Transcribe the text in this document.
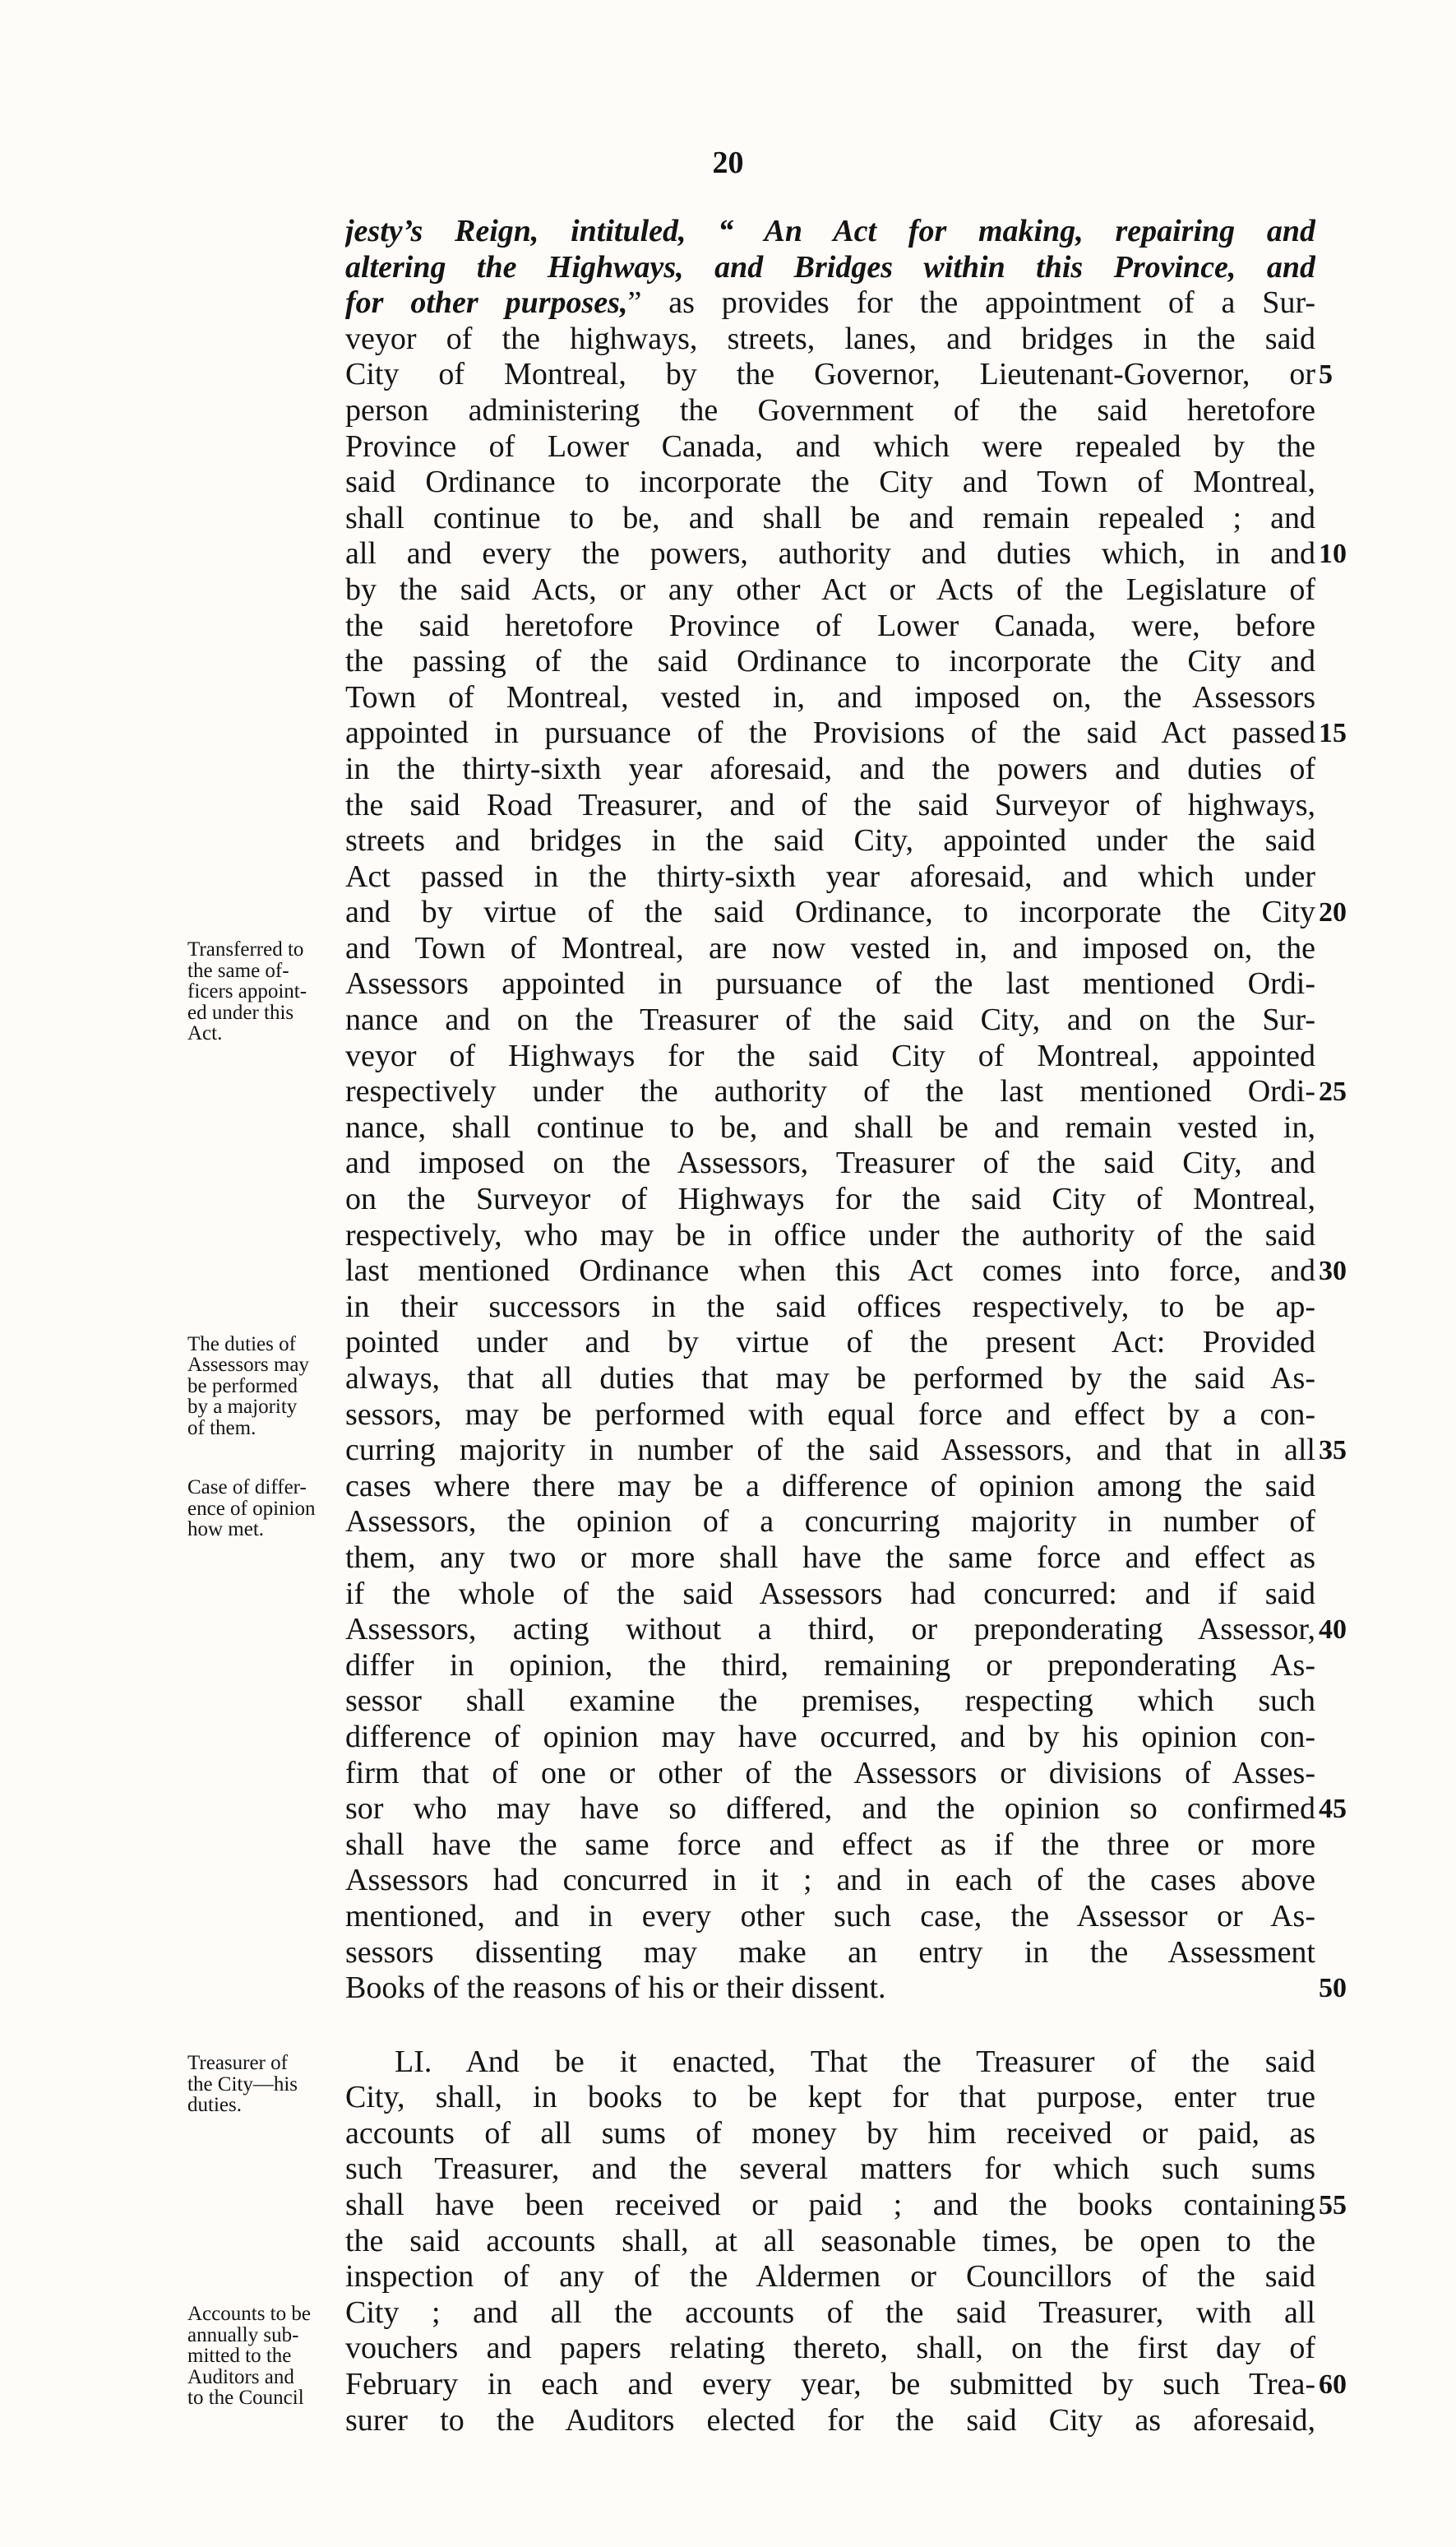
20
jesty’s Reign, intituled, “ An Act for making, repairing and
altering the Highways, and Bridges within this Province, and
for other purposes,” as provides for the appointment of a Sur-
veyor of the highways, streets, lanes, and bridges in the said
City of Montreal, by the Governor, Lieutenant-Governor, or
person administering the Government of the said heretofore
Province of Lower Canada, and which were repealed by the
said Ordinance to incorporate the City and Town of Montreal,
shall continue to be, and shall be and remain repealed ; and
all and every the powers, authority and duties which, in and
by the said Acts, or any other Act or Acts of the Legislature of
the said heretofore Province of Lower Canada, were, before
the passing of the said Ordinance to incorporate the City and
Town of Montreal, vested in, and imposed on, the Assessors
appointed in pursuance of the Provisions of the said Act passed
in the thirty-sixth year aforesaid, and the powers and duties of
the said Road Treasurer, and of the said Surveyor of highways,
streets and bridges in the said City, appointed under the said
Act passed in the thirty-sixth year aforesaid, and which under
and by virtue of the said Ordinance, to incorporate the City
and Town of Montreal, are now vested in, and imposed on, the
Assessors appointed in pursuance of the last mentioned Ordi-
nance and on the Treasurer of the said City, and on the Sur-
veyor of Highways for the said City of Montreal, appointed
respectively under the authority of the last mentioned Ordi-
nance, shall continue to be, and shall be and remain vested in,
and imposed on the Assessors, Treasurer of the said City, and
on the Surveyor of Highways for the said City of Montreal,
respectively, who may be in office under the authority of the said
last mentioned Ordinance when this Act comes into force, and
in their successors in the said offices respectively, to be ap-
pointed under and by virtue of the present Act: Provided
always, that all duties that may be performed by the said As-
sessors, may be performed with equal force and effect by a con-
curring majority in number of the said Assessors, and that in all
cases where there may be a difference of opinion among the said
Assessors, the opinion of a concurring majority in number of
them, any two or more shall have the same force and effect as
if the whole of the said Assessors had concurred: and if said
Assessors, acting without a third, or preponderating Assessor,
differ in opinion, the third, remaining or preponderating As-
sessor shall examine the premises, respecting which such
difference of opinion may have occurred, and by his opinion con-
firm that of one or other of the Assessors or divisions of Asses-
sor who may have so differed, and the opinion so confirmed
shall have the same force and effect as if the three or more
Assessors had concurred in it ; and in each of the cases above
mentioned, and in every other such case, the Assessor or As-
sessors dissenting may make an entry in the Assessment
Books of the reasons of his or their dissent.
LI. And be it enacted, That the Treasurer of the said
City, shall, in books to be kept for that purpose, enter true
accounts of all sums of money by him received or paid, as
such Treasurer, and the several matters for which such sums
shall have been received or paid ; and the books containing
the said accounts shall, at all seasonable times, be open to the
inspection of any of the Aldermen or Councillors of the said
City ; and all the accounts of the said Treasurer, with all
vouchers and papers relating thereto, shall, on the first day of
February in each and every year, be submitted by such Trea-
surer to the Auditors elected for the said City as aforesaid,
5
10
15
20
25
30
35
40
45
50
55
60
Transferred to
the same of-
ficers appoint-
ed under this
Act.
The duties of
Assessors may
be performed
by a majority
of them.
Case of differ-
ence of opinion
how met.
Treasurer of
the City—his
duties.
Accounts to be
annually sub-
mitted to the
Auditors and
to the Council
